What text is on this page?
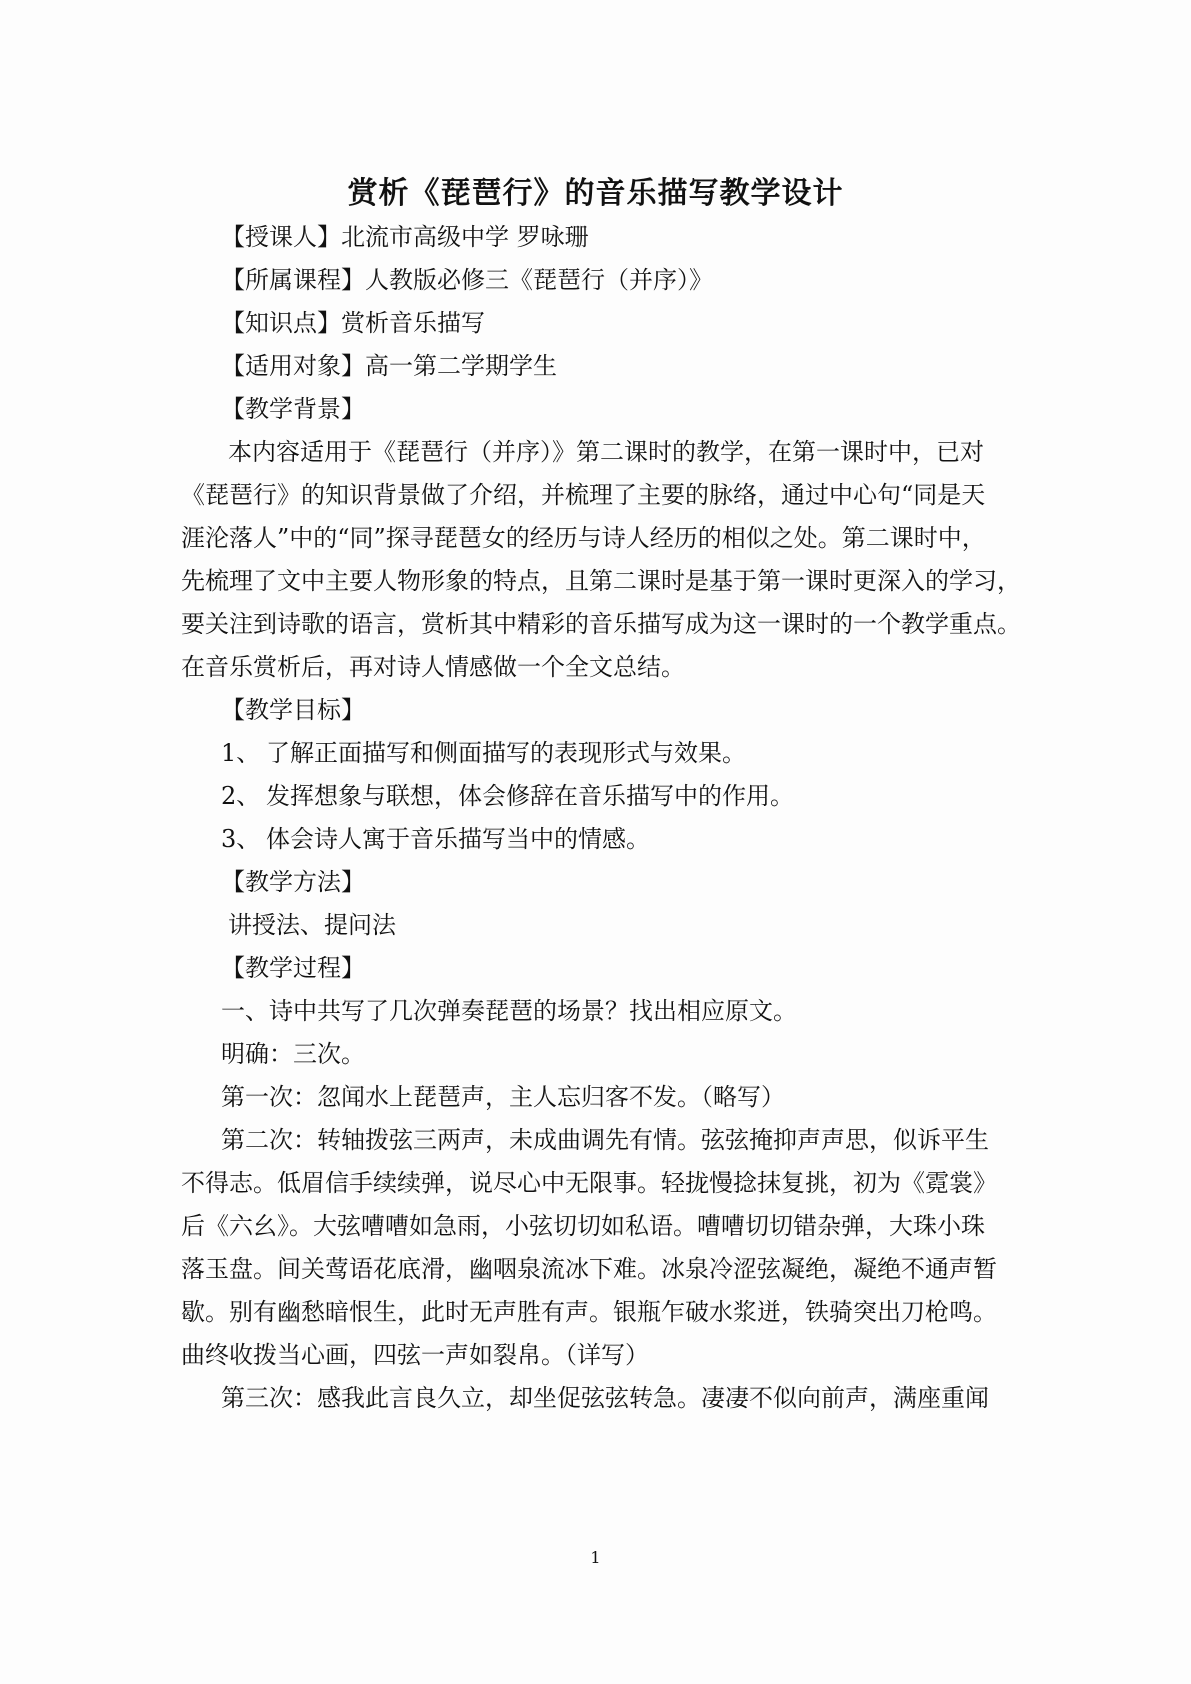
赏析《琵琶行》的音乐描写教学设计
【授课人】北流市高级中学 罗咏珊
【所属课程】人教版必修三《琵琶行（并序）》
【知识点】赏析音乐描写
【适用对象】高一第二学期学生
【教学背景】
本内容适用于《琵琶行（并序）》第二课时的教学，在第一课时中，已对
《琵琶行》的知识背景做了介绍，并梳理了主要的脉络，通过中心句“同是天
涯沦落人”中的“同”探寻琵琶女的经历与诗人经历的相似之处。第二课时中，
先梳理了文中主要人物形象的特点，且第二课时是基于第一课时更深入的学习，
要关注到诗歌的语言，赏析其中精彩的音乐描写成为这一课时的一个教学重点。
在音乐赏析后，再对诗人情感做一个全文总结。
【教学目标】
1、 了解正面描写和侧面描写的表现形式与效果。
2、 发挥想象与联想，体会修辞在音乐描写中的作用。
3、 体会诗人寓于音乐描写当中的情感。
【教学方法】
讲授法、提问法
【教学过程】
一、诗中共写了几次弹奏琵琶的场景？找出相应原文。
明确：三次。
第一次：忽闻水上琵琶声，主人忘归客不发。（略写）
第二次：转轴拨弦三两声，未成曲调先有情。弦弦掩抑声声思，似诉平生
不得志。低眉信手续续弹，说尽心中无限事。轻拢慢捻抹复挑，初为《霓裳》
后《六幺》。大弦嘈嘈如急雨，小弦切切如私语。嘈嘈切切错杂弹，大珠小珠
落玉盘。间关莺语花底滑，幽咽泉流冰下难。冰泉冷涩弦凝绝，凝绝不通声暂
歇。别有幽愁暗恨生，此时无声胜有声。银瓶乍破水浆迸，铁骑突出刀枪鸣。
曲终收拨当心画，四弦一声如裂帛。（详写）
第三次：感我此言良久立，却坐促弦弦转急。凄凄不似向前声，满座重闻
1
